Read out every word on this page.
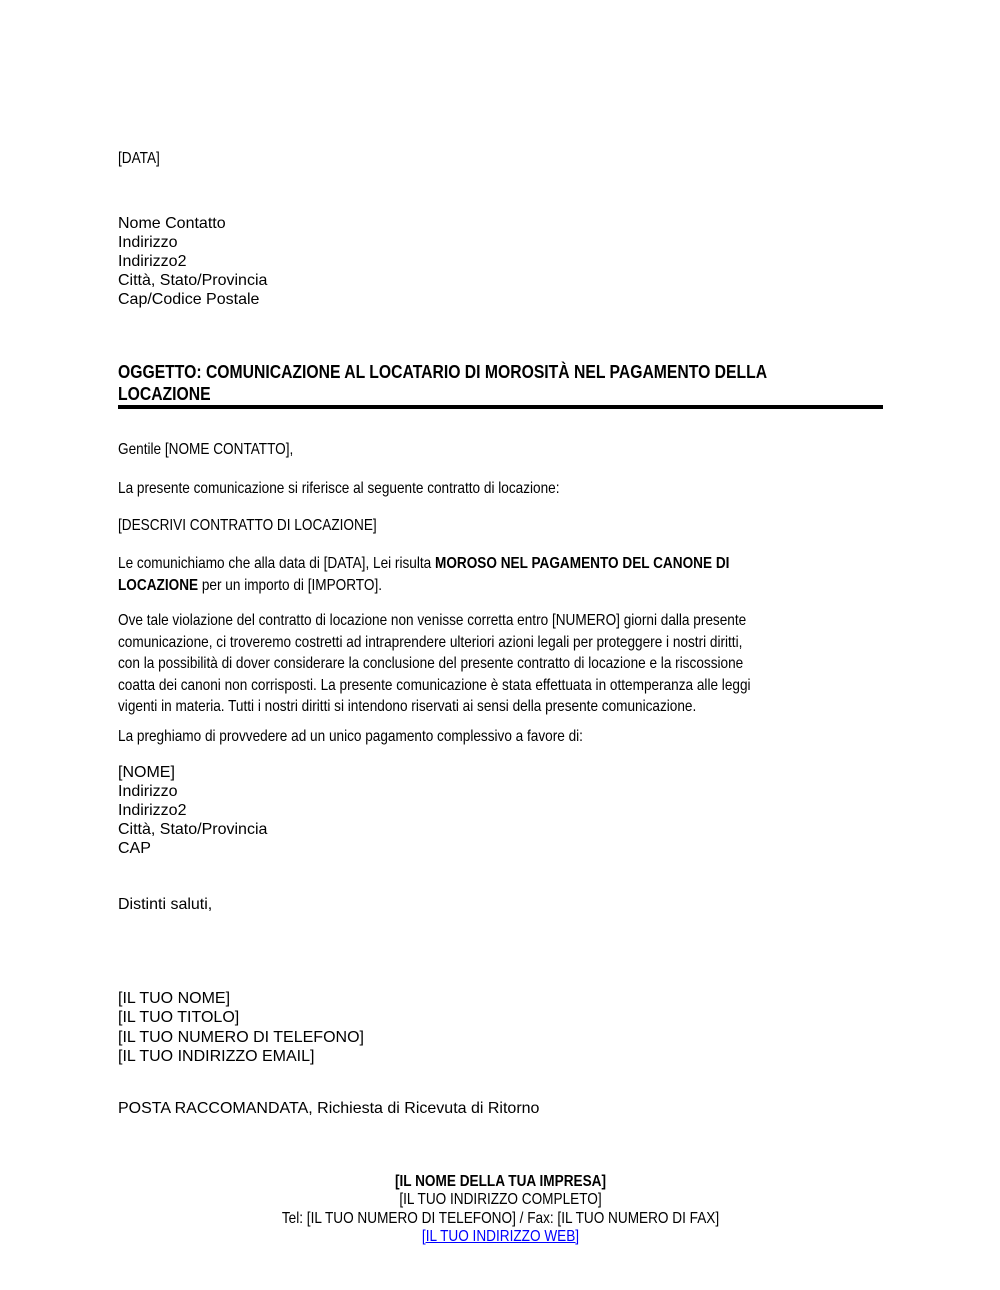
[DATA]
Nome Contatto
Indirizzo
Indirizzo2
Città, Stato/Provincia
Cap/Codice Postale
OGGETTO: COMUNICAZIONE AL LOCATARIO DI MOROSITÀ NEL PAGAMENTO DELLA
LOCAZIONE
Gentile [NOME CONTATTO],
La presente comunicazione si riferisce al seguente contratto di locazione:
[DESCRIVI CONTRATTO DI LOCAZIONE]
Le comunichiamo che alla data di [DATA], Lei risulta MOROSO NEL PAGAMENTO DEL CANONE DI
LOCAZIONE per un importo di [IMPORTO].
Ove tale violazione del contratto di locazione non venisse corretta entro [NUMERO] giorni dalla presente
comunicazione, ci troveremo costretti ad intraprendere ulteriori azioni legali per proteggere i nostri diritti,
con la possibilità di dover considerare la conclusione del presente contratto di locazione e la riscossione
coatta dei canoni non corrisposti. La presente comunicazione è stata effettuata in ottemperanza alle leggi
vigenti in materia. Tutti i nostri diritti si intendono riservati ai sensi della presente comunicazione.
La preghiamo di provvedere ad un unico pagamento complessivo a favore di:
[NOME]
Indirizzo
Indirizzo2
Città, Stato/Provincia
CAP
Distinti saluti,
[IL TUO NOME]
[IL TUO TITOLO]
[IL TUO NUMERO DI TELEFONO]
[IL TUO INDIRIZZO EMAIL]
POSTA RACCOMANDATA, Richiesta di Ricevuta di Ritorno
[IL NOME DELLA TUA IMPRESA]
[IL TUO INDIRIZZO COMPLETO]
Tel: [IL TUO NUMERO DI TELEFONO] / Fax: [IL TUO NUMERO DI FAX]
[IL TUO INDIRIZZO WEB]
